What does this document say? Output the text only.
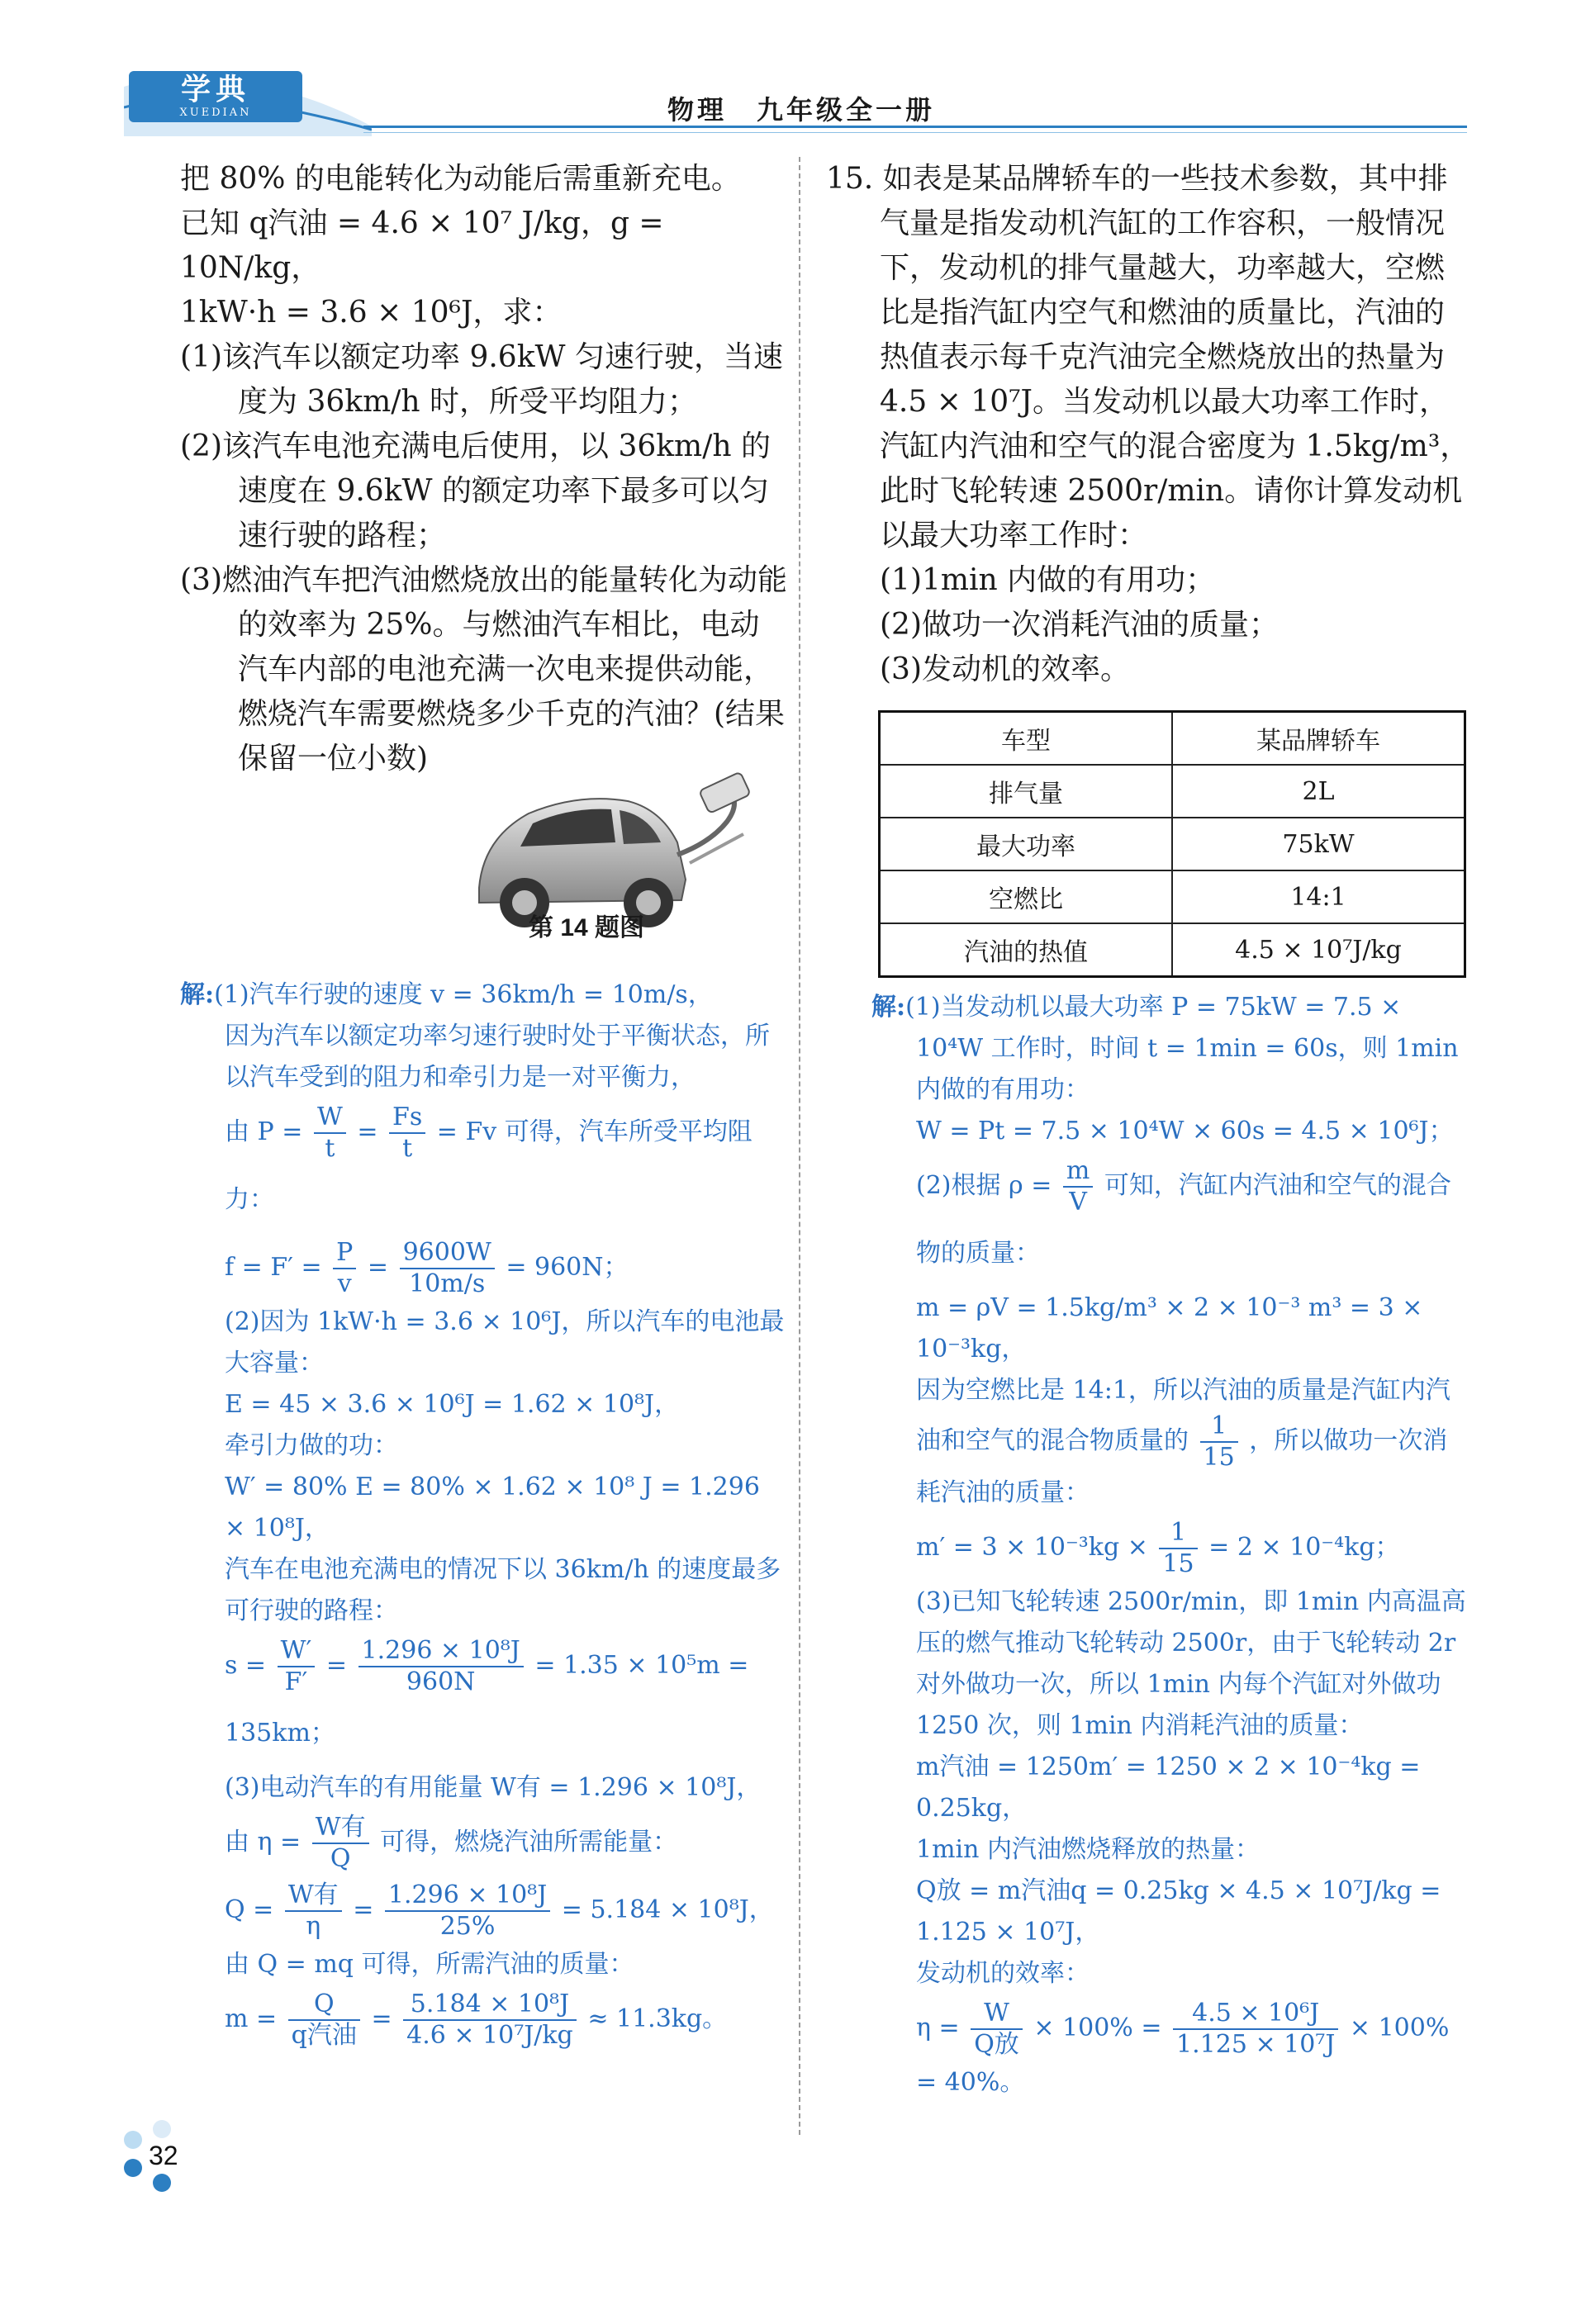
学典
XUEDIAN	物理　九年级全一册

把 80% 的电能转化为动能后需重新充电。

已知 q汽油 = 4.6 × 10⁷ J/kg，g = 10N/kg，

1kW·h = 3.6 × 10⁶J，求：

(1)该汽车以额定功率 9.6kW 匀速行驶，当速度为 36km/h 时，所受平均阻力；

(2)该汽车电池充满电后使用，以 36km/h 的速度在 9.6kW 的额定功率下最多可以匀速行驶的路程；

(3)燃油汽车把汽油燃烧放出的能量转化为动能的效率为 25%。与燃油汽车相比，电动汽车内部的电池充满一次电来提供动能，燃烧汽车需要燃烧多少千克的汽油？(结果保留一位小数)

第 14 题图

解:(1)汽车行驶的速度 v = 36km/h = 10m/s，

因为汽车以额定功率匀速行驶时处于平衡状态，所以汽车受到的阻力和牵引力是一对平衡力，

由 $P = \frac{W}{t} = \frac{Fs}{t} = Fv$ 可得，汽车所受平均阻力：

$f = F' = \frac{P}{v} = \frac{9600W}{10m/s} = 960N$；

(2)因为 1kW·h = 3.6 × 10⁶J，所以汽车的电池最大容量：

E = 45 × 3.6 × 10⁶J = 1.62 × 10⁸J，

牵引力做的功：

W′ = 80% E = 80% × 1.62 × 10⁸ J = 1.296 × 10⁸J，

汽车在电池充满电的情况下以 36km/h 的速度最多可行驶的路程：

$s = \frac{W'}{F'} = \frac{\text{1.296 × 10⁸J}}{960N} = 1.35 \times 10^5m = 135km$；

(3)电动汽车的有用能量 W有 = 1.296 × 10⁸J，

由 $\eta = \frac{\text{W有}}{Q}$ 可得，燃烧汽油所需能量：

$Q = \frac{\text{W有}}{\eta} = \frac{\text{1.296 × 10⁸J}}{25\%} = 5.184 \times 10^8J$，

由 Q = mq 可得，所需汽油的质量：

$m = \frac{Q}{\text{q汽油}} = \frac{\text{5.184 × 10⁸J}}{\text{4.6 × 10⁷J/kg}} \approx 11.3kg$。

15. 如表是某品牌轿车的一些技术参数，其中排气量是指发动机汽缸的工作容积，一般情况下，发动机的排气量越大，功率越大，空燃比是指汽缸内空气和燃油的质量比，汽油的热值表示每千克汽油完全燃烧放出的热量为 4.5 × 10⁷J。当发动机以最大功率工作时，汽缸内汽油和空气的混合密度为 1.5kg/m³，此时飞轮转速 2500r/min。请你计算发动机以最大功率工作时：

(1)1min 内做的有用功；

(2)做功一次消耗汽油的质量；

(3)发动机的效率。

车型	某品牌轿车
排气量	2L
最大功率	75kW
空燃比	14:1
汽油的热值	4.5 × 10⁷J/kg

解:(1)当发动机以最大功率 P = 75kW = 7.5 × 10⁴W 工作时，时间 t = 1min = 60s，则 1min 内做的有用功：

W = Pt = 7.5 × 10⁴W × 60s = 4.5 × 10⁶J；

(2)根据 $\rho = \frac{m}{V}$ 可知，汽缸内汽油和空气的混合物的质量：

m = ρV = 1.5kg/m³ × 2 × 10⁻³ m³ = 3 × 10⁻³kg，

因为空燃比是 14:1，所以汽油的质量是汽缸内汽油和空气的混合物质量的 $\frac{1}{15}$ ，所以做功一次消耗汽油的质量：

$m' = 3 \times 10^{-3}kg \times \frac{1}{15} = 2 \times 10^{-4}kg$；

(3)已知飞轮转速 2500r/min，即 1min 内高温高压的燃气推动飞轮转动 2500r，由于飞轮转动 2r 对外做功一次，所以 1min 内每个汽缸对外做功 1250 次，则 1min 内消耗汽油的质量：

m汽油 = 1250m′ = 1250 × 2 × 10⁻⁴kg = 0.25kg，

1min 内汽油燃烧释放的热量：

Q放 = m汽油q = 0.25kg × 4.5 × 10⁷J/kg = 1.125 × 10⁷J，

发动机的效率：

$\eta = \frac{W}{\text{Q放}} \times 100\% = \frac{\text{4.5 × 10⁶J}}{\text{1.125 × 10⁷J}} \times 100\%$

= 40%。

32
